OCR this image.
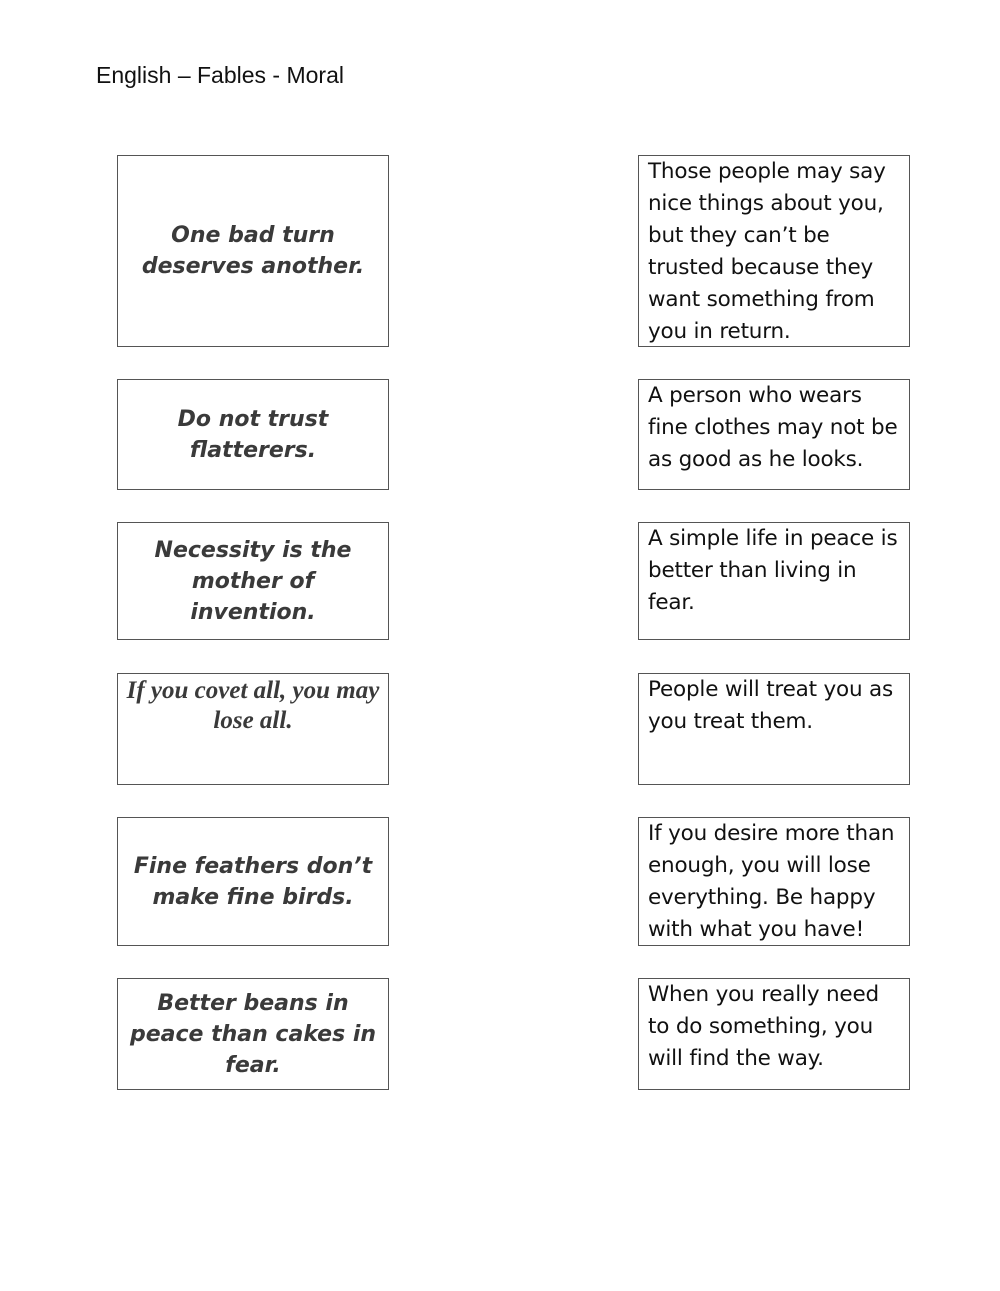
English – Fables - Moral
One bad turn deserves another.
Do not trust flatterers.
Necessity is the mother of invention.
If you covet all, you may lose all.
Fine feathers don’t make fine birds.
Better beans in peace than cakes in fear.
Those people may say nice things about you, but they can’t be trusted because they want something from you in return.
A person who wears fine clothes may not be as good as he looks.
A simple life in peace is better than living in fear.
People will treat you as you treat them.
If you desire more than enough, you will lose everything. Be happy with what you have!
When you really need to do something, you will find the way.
